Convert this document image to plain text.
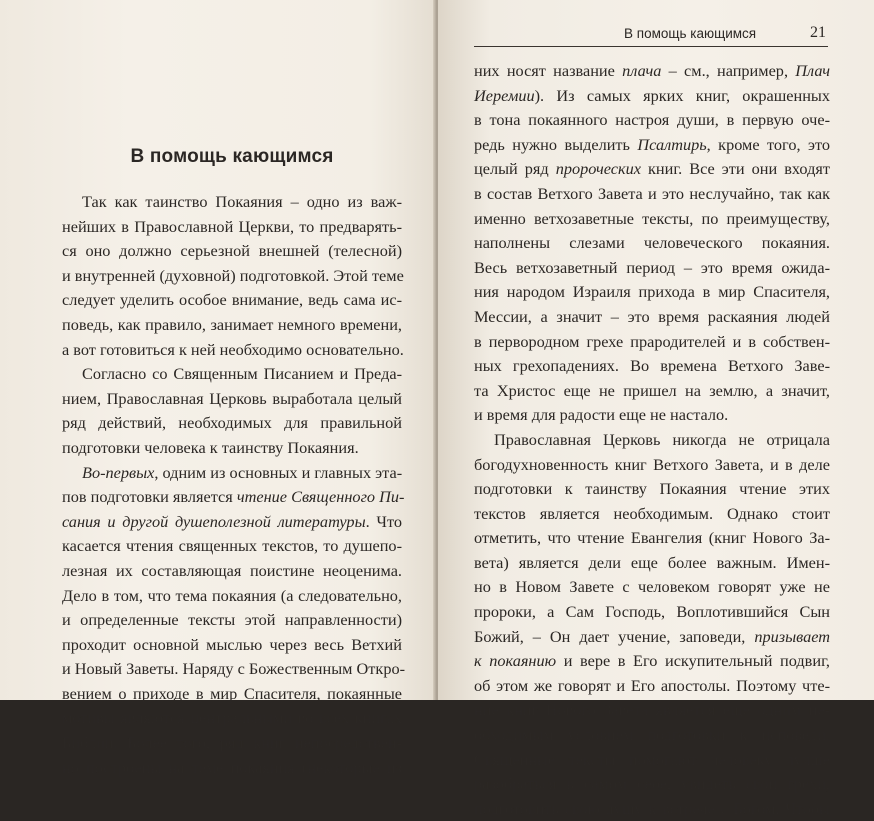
В помощь кающимся
Так как таинство Покаяния – одно из важ-
нейших в Православной Церкви, то предварять-
ся оно должно серьезной внешней (телесной)
и внутренней (духовной) подготовкой. Этой теме
следует уделить особое внимание, ведь сама ис-
поведь, как правило, занимает немного времени,
а вот готовиться к ней необходимо основательно.
Согласно со Священным Писанием и Преда-
нием, Православная Церковь выработала целый
ряд действий, необходимых для правильной
подготовки человека к таинству Покаяния.
Во-первых, одним из основных и главных эта-
пов подготовки является чтение Священного Пи-
сания и другой душеполезной литературы. Что
касается чтения священных текстов, то душепо-
лезная их составляющая поистине неоценима.
Дело в том, что тема покаяния (а следовательно,
и определенные тексты этой направленности)
проходит основной мыслью через весь Ветхий
и Новый Заветы. Наряду с Божественным Откро-
вением о приходе в мир Спасителя, покаянные
мотивы являются центральными во всех книгах
Библии. Более того, ряд книг непосредствен-
но построены на теме покаяния (некоторые из
В помощь кающимся	21
них носят название плача – см., например, Плач
Иеремии). Из самых ярких книг, окрашенных
в тона покаянного настроя души, в первую оче-
редь нужно выделить Псалтирь, кроме того, это
целый ряд пророческих книг. Все эти они входят
в состав Ветхого Завета и это неслучайно, так как
именно ветхозаветные тексты, по преимуществу,
наполнены слезами человеческого покаяния.
Весь ветхозаветный период – это время ожида-
ния народом Израиля прихода в мир Спасителя,
Мессии, а значит – это время раскаяния людей
в первородном грехе прародителей и в собствен-
ных грехопадениях. Во времена Ветхого Заве-
та Христос еще не пришел на землю, а значит,
и время для радости еще не настало.
Православная Церковь никогда не отрицала
богодухновенность книг Ветхого Завета, и в деле
подготовки к таинству Покаяния чтение этих
текстов является необходимым. Однако стоит
отметить, что чтение Евангелия (книг Нового За-
вета) является дели еще более важным. Имен-
но в Новом Завете с человеком говорят уже не
пророки, а Сам Господь, Воплотившийся Сын
Божий, – Он дает учение, заповеди, призывает
к покаянию и вере в Его искупительный подвиг,
об этом же говорят и Его апостолы. Поэтому чте-
ние книг Нового Завета является еще одним не-
обходимым условием подготовки к исповеди.
Священные тексты помогают человеку лучше
разобраться в самом себе, увидеть свои грехи,
подготовить свою душу к встрече с Богом. Чтобы
